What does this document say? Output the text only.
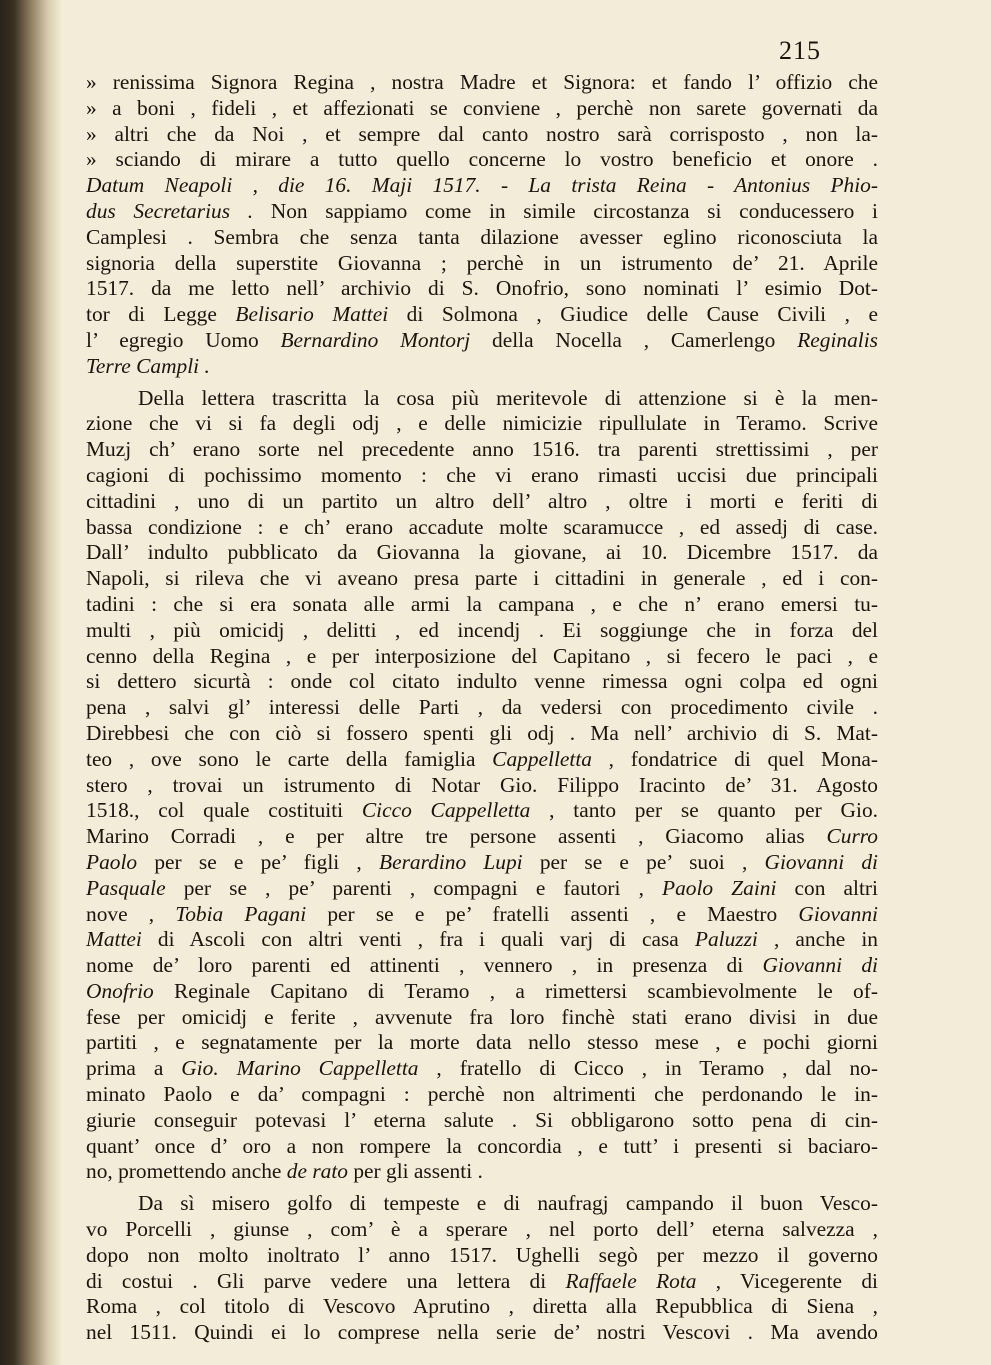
215
» renissima Signora Regina , nostra Madre et Signora: et fando l’ offizio che
» a boni , fideli , et affezionati se conviene , perchè non sarete governati da
» altri che da Noi , et sempre dal canto nostro sarà corrisposto , non la-
» sciando di mirare a tutto quello concerne lo vostro beneficio et onore .
Datum Neapoli , die 16. Maji 1517. - La trista Reina - Antonius Phio-
dus Secretarius . Non sappiamo come in simile circostanza si conducessero i
Camplesi . Sembra che senza tanta dilazione avesser eglino riconosciuta la
signoria della superstite Giovanna ; perchè in un istrumento de’ 21. Aprile
1517. da me letto nell’ archivio di S. Onofrio, sono nominati l’ esimio Dot-
tor di Legge Belisario Mattei di Solmona , Giudice delle Cause Civili , e
l’ egregio Uomo Bernardino Montorj della Nocella , Camerlengo Reginalis
Terre Campli .
Della lettera trascritta la cosa più meritevole di attenzione si è la men-
zione che vi si fa degli odj , e delle nimicizie ripullulate in Teramo. Scrive
Muzj ch’ erano sorte nel precedente anno 1516. tra parenti strettissimi , per
cagioni di pochissimo momento : che vi erano rimasti uccisi due principali
cittadini , uno di un partito un altro dell’ altro , oltre i morti e feriti di
bassa condizione : e ch’ erano accadute molte scaramucce , ed assedj di case.
Dall’ indulto pubblicato da Giovanna la giovane, ai 10. Dicembre 1517. da
Napoli, si rileva che vi aveano presa parte i cittadini in generale , ed i con-
tadini : che si era sonata alle armi la campana , e che n’ erano emersi tu-
multi , più omicidj , delitti , ed incendj . Ei soggiunge che in forza del
cenno della Regina , e per interposizione del Capitano , si fecero le paci , e
si dettero sicurtà : onde col citato indulto venne rimessa ogni colpa ed ogni
pena , salvi gl’ interessi delle Parti , da vedersi con procedimento civile .
Direbbesi che con ciò si fossero spenti gli odj . Ma nell’ archivio di S. Mat-
teo , ove sono le carte della famiglia Cappelletta , fondatrice di quel Mona-
stero , trovai un istrumento di Notar Gio. Filippo Iracinto de’ 31. Agosto
1518., col quale costituiti Cicco Cappelletta , tanto per se quanto per Gio.
Marino Corradi , e per altre tre persone assenti , Giacomo alias Curro
Paolo per se e pe’ figli , Berardino Lupi per se e pe’ suoi , Giovanni di
Pasquale per se , pe’ parenti , compagni e fautori , Paolo Zaini con altri
nove , Tobia Pagani per se e pe’ fratelli assenti , e Maestro Giovanni
Mattei di Ascoli con altri venti , fra i quali varj di casa Paluzzi , anche in
nome de’ loro parenti ed attinenti , vennero , in presenza di Giovanni di
Onofrio Reginale Capitano di Teramo , a rimettersi scambievolmente le of-
fese per omicidj e ferite , avvenute fra loro finchè stati erano divisi in due
partiti , e segnatamente per la morte data nello stesso mese , e pochi giorni
prima a Gio. Marino Cappelletta , fratello di Cicco , in Teramo , dal no-
minato Paolo e da’ compagni : perchè non altrimenti che perdonando le in-
giurie conseguir potevasi l’ eterna salute . Si obbligarono sotto pena di cin-
quant’ once d’ oro a non rompere la concordia , e tutt’ i presenti si baciaro-
no, promettendo anche de rato per gli assenti .
Da sì misero golfo di tempeste e di naufragj campando il buon Vesco-
vo Porcelli , giunse , com’ è a sperare , nel porto dell’ eterna salvezza ,
dopo non molto inoltrato l’ anno 1517. Ughelli segò per mezzo il governo
di costui . Gli parve vedere una lettera di Raffaele Rota , Vicegerente di
Roma , col titolo di Vescovo Aprutino , diretta alla Repubblica di Siena ,
nel 1511. Quindi ei lo comprese nella serie de’ nostri Vescovi . Ma avendo
